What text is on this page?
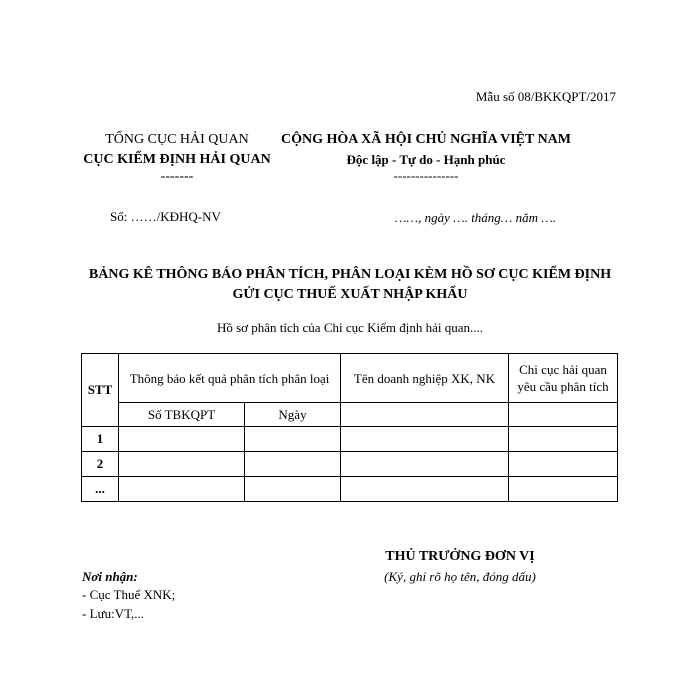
Mẫu số 08/BKKQPT/2017
TỔNG CỤC HẢI QUAN
CỤC KIỂM ĐỊNH HẢI QUAN
-------
CỘNG HÒA XÃ HỘI CHỦ NGHĨA VIỆT NAM
Độc lập - Tự do - Hạnh phúc
---------------
Số: ……/KĐHQ-NV	……, ngày …. tháng… năm ….
BẢNG KÊ THÔNG BÁO PHÂN TÍCH, PHÂN LOẠI KÈM HỒ SƠ CỤC KIỂM ĐỊNH GỬI CỤC THUẾ XUẤT NHẬP KHẨU
Hồ sơ phân tích của Chi cục Kiểm định hải quan....
STT	Thông báo kết quả phân tích phân loại		Tên doanh nghiệp XK, NK	Chi cục hải quan yêu cầu phân tích
	Số TBKQPT	Ngày		
1				
2				
...				
THỦ TRƯỞNG ĐƠN VỊ
(Ký, ghi rõ họ tên, đóng dấu)
Nơi nhận:
- Cục Thuế XNK;
- Lưu:VT,...
